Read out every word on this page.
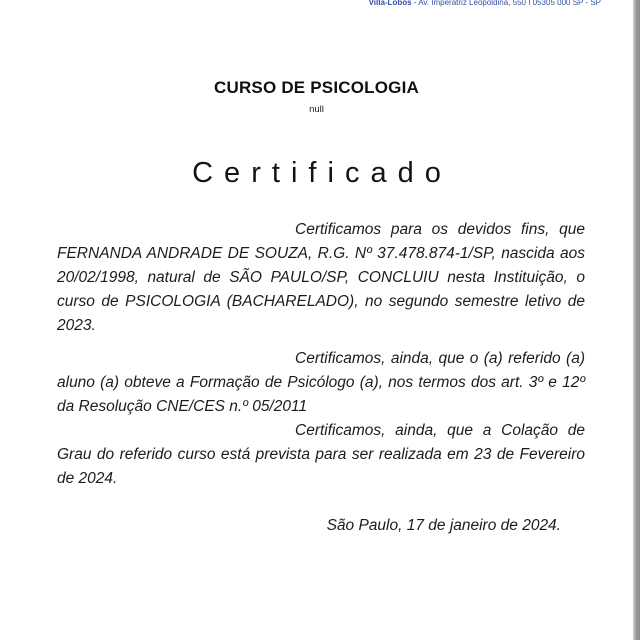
Villa-Lobos - Av. Imperatriz Leopoldina, 550 I 05305 000 SP - SP
CURSO DE PSICOLOGIA
null
Certificado

Certificamos para os devidos fins, que FERNANDA ANDRADE DE SOUZA, R.G. Nº 37.478.874-1/SP, nascida aos 20/02/1998, natural de SÃO PAULO/SP, CONCLUIU nesta Instituição, o curso de PSICOLOGIA (BACHARELADO), no segundo semestre letivo de 2023.

Certificamos, ainda, que o (a) referido (a) aluno (a) obteve a Formação de Psicólogo (a), nos termos dos art. 3º e 12º da Resolução CNE/CES n.º 05/2011

Certificamos, ainda, que a Colação de Grau do referido curso está prevista para ser realizada em 23 de Fevereiro de 2024.

São Paulo, 17 de janeiro de 2024.
